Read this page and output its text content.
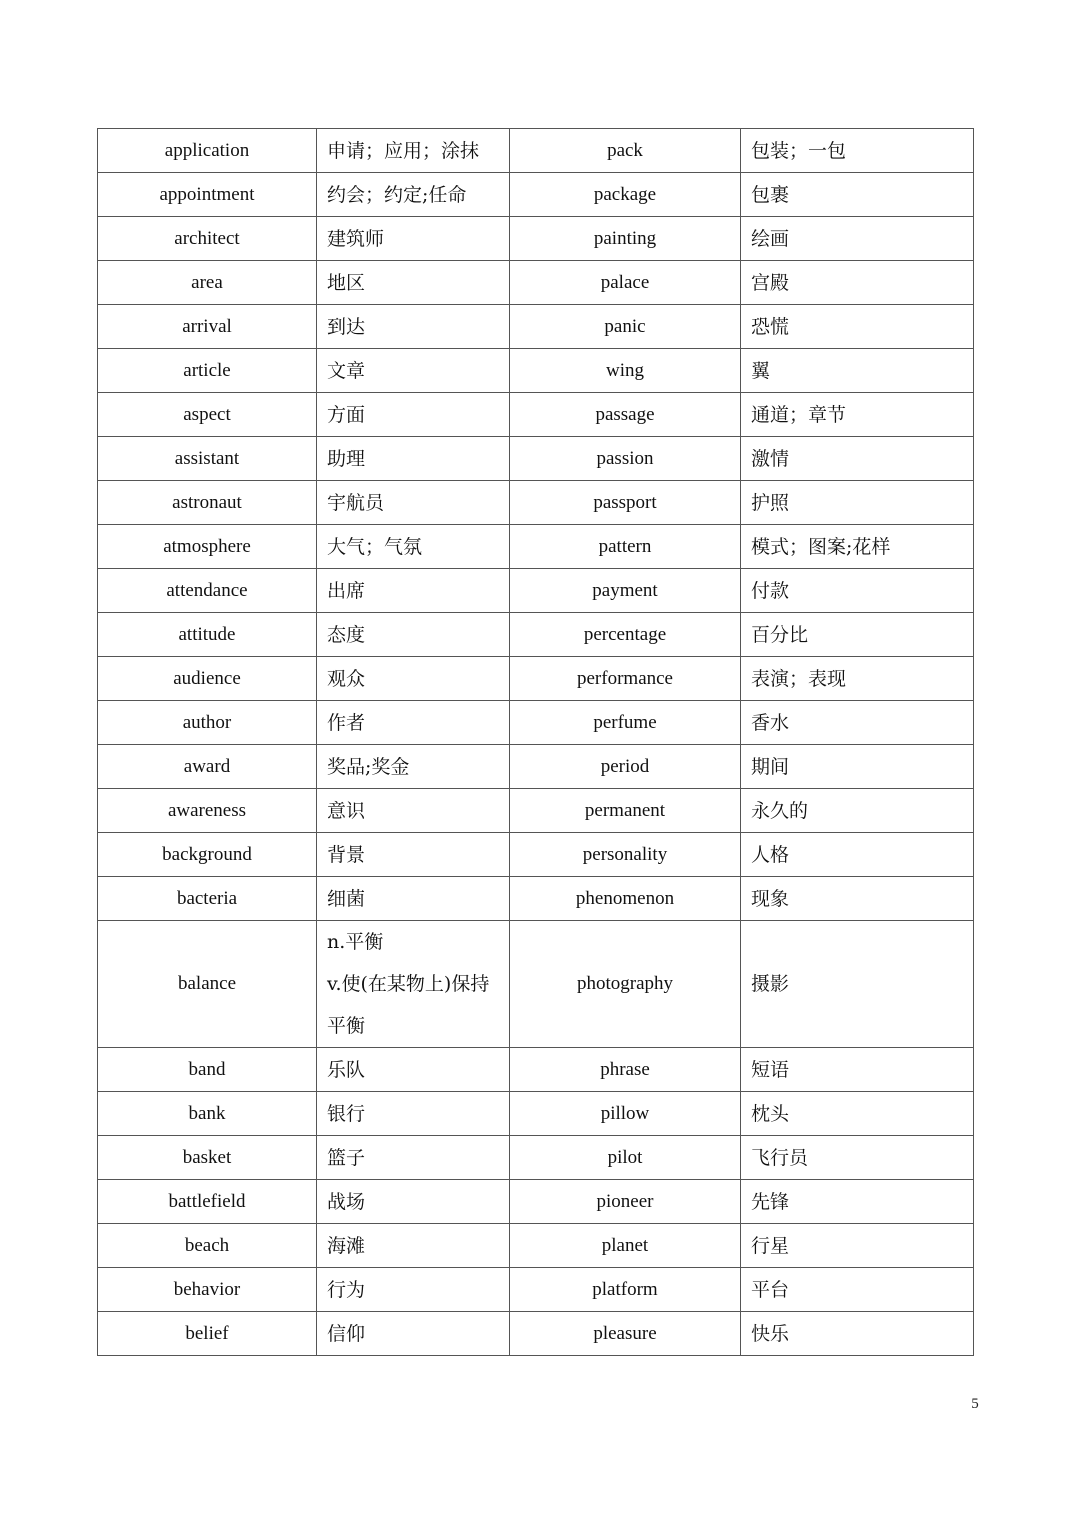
application	申请；应用；涂抹	pack	包装；一包

appointment	约会；约定;任命	package	包裹

architect	建筑师	painting	绘画

area	地区	palace	宫殿

arrival	到达	panic	恐慌

article	文章	wing	翼

aspect	方面	passage	通道；章节

assistant	助理	passion	激情

astronaut	宇航员	passport	护照

atmosphere	大气；气氛	pattern	模式；图案;花样

attendance	出席	payment	付款

attitude	态度	percentage	百分比

audience	观众	performance	表演；表现

author	作者	perfume	香水

award	奖品;奖金	period	期间

awareness	意识	permanent	永久的

background	背景	personality	人格

bacteria	细菌	phenomenon	现象

balance	n.平衡
v.使(在某物上)保持
平衡	photography	摄影

band	乐队	phrase	短语

bank	银行	pillow	枕头

basket	篮子	pilot	飞行员

battlefield	战场	pioneer	先锋

beach	海滩	planet	行星

behavior	行为	platform	平台

belief	信仰	pleasure	快乐
5
